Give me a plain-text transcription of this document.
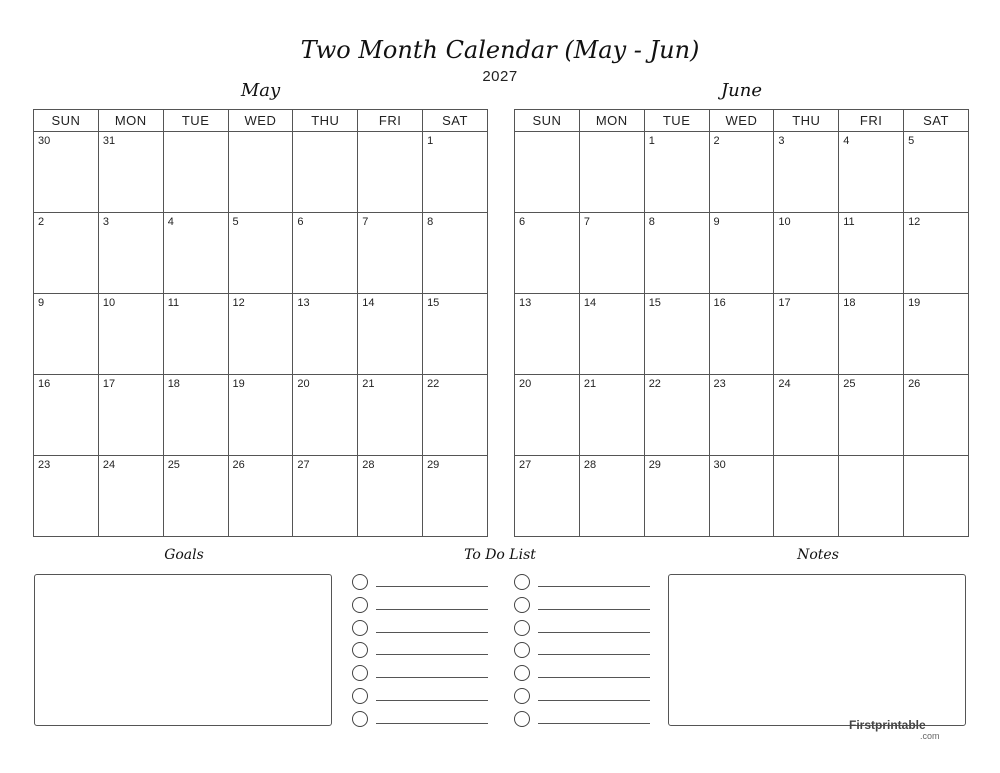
Two Month Calendar (May - Jun)
2027
May	June
SUN	MON	TUE	WED	THU	FRI	SAT

30	31					1

2	3	4	5	6	7	8

9	10	11	12	13	14	15

16	17	18	19	20	21	22

23	24	25	26	27	28	29
SUN	MON	TUE	WED	THU	FRI	SAT

		1	2	3	4	5

6	7	8	9	10	11	12

13	14	15	16	17	18	19

20	21	22	23	24	25	26

27	28	29	30			

Goals	To Do List	Notes
Firstprintable
.com
